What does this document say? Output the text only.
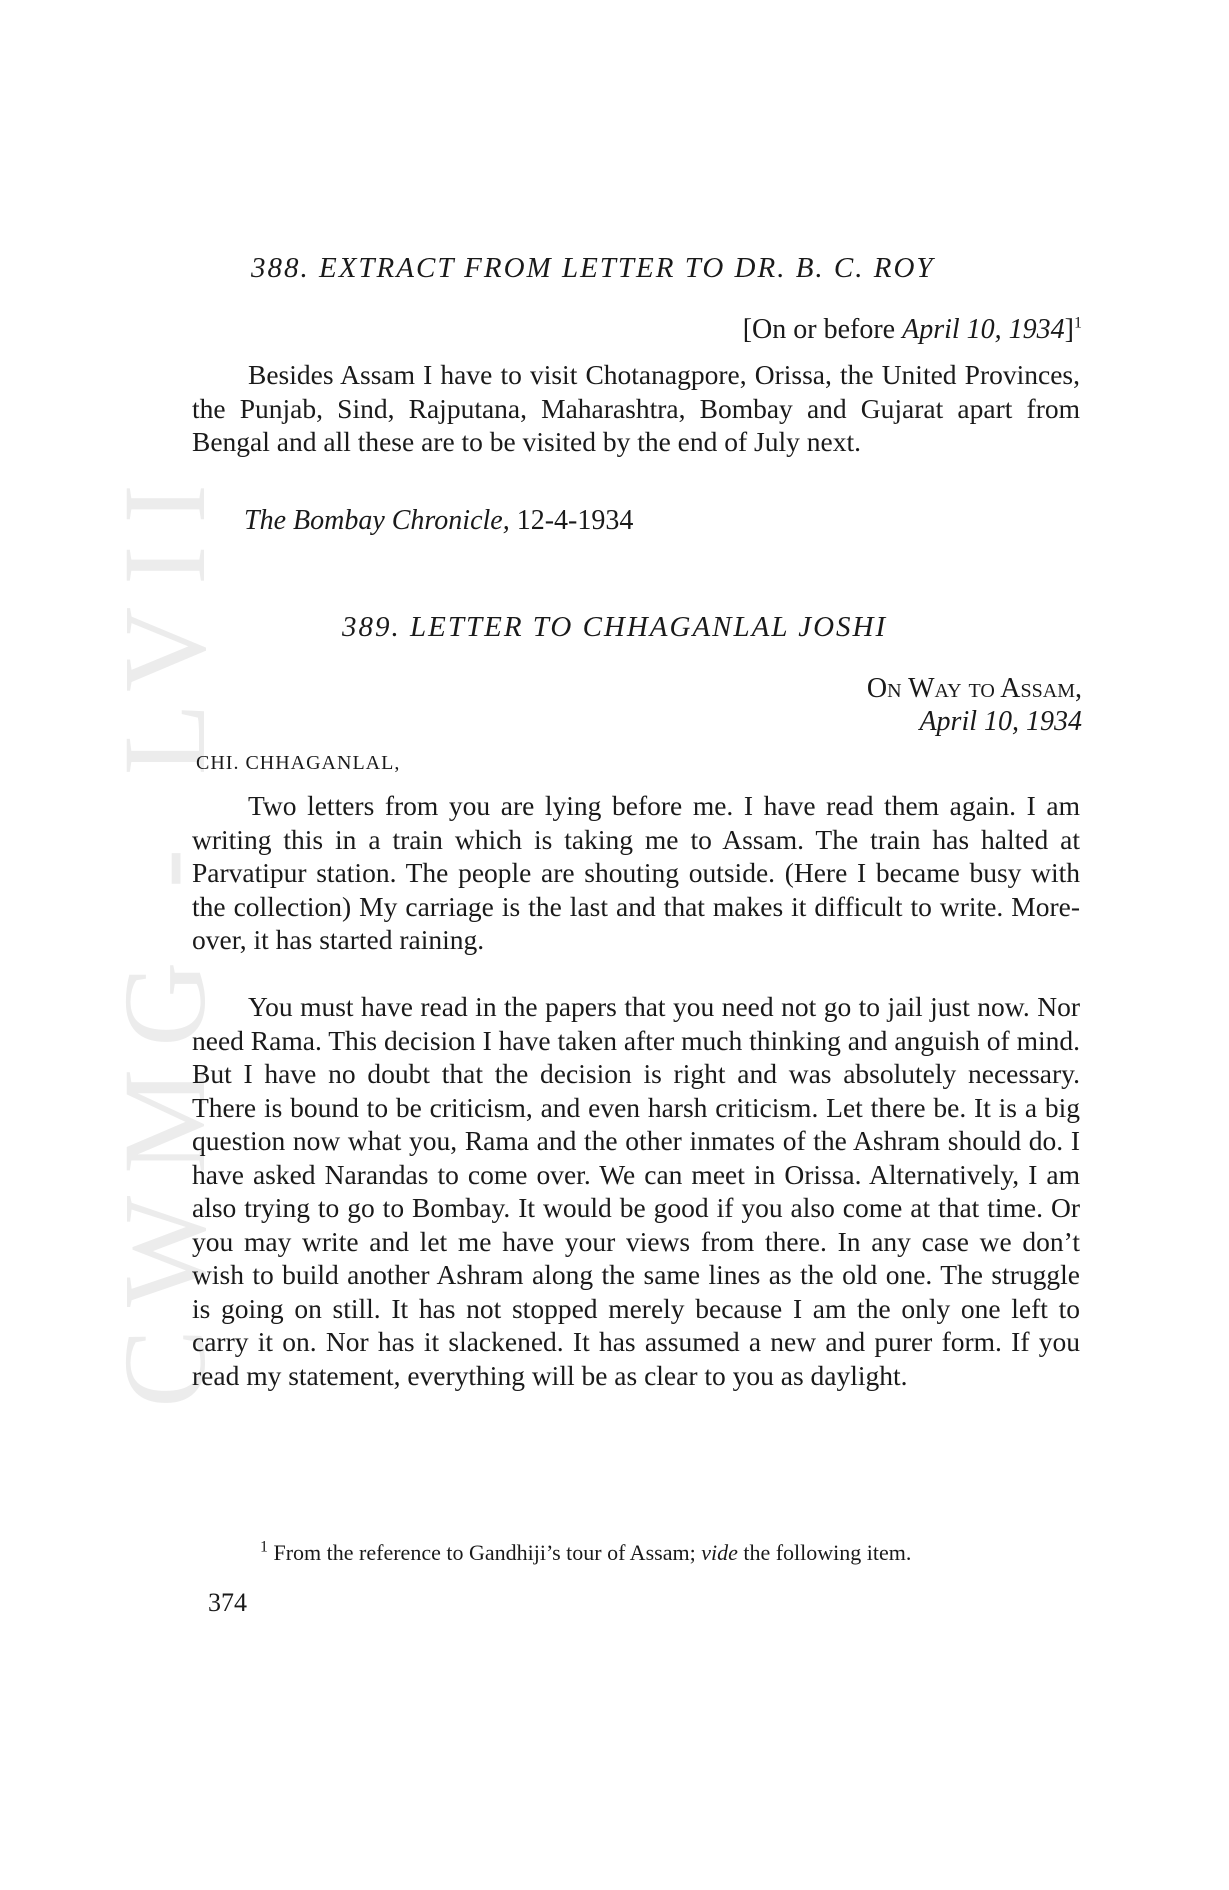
CWMG - LVII
388. EXTRACT FROM LETTER TO DR. B. C. ROY
[On or before April 10, 1934]$^1$

Besides Assam I have to visit Chotanagpore, Orissa, the United Provinces, the Punjab, Sind, Rajputana, Maharashtra, Bombay and Gujarat apart from Bengal and all these are to be visited by the end of July next.

The Bombay Chronicle, 12-4-1934
389. LETTER TO CHHAGANLAL JOSHI
On Way to Assam,
April 10, 1934
CHI. CHHAGANLAL,

Two letters from you are lying before me. I have read them again. I am writing this in a train which is taking me to Assam. The train has halted at Parvatipur station. The people are shouting outside. (Here I became busy with the collection) My carriage is the last and that makes it difficult to write. More-over, it has started raining.

You must have read in the papers that you need not go to jail just now. Nor need Rama. This decision I have taken after much thinking and anguish of mind. But I have no doubt that the decision is right and was absolutely necessary. There is bound to be criticism, and even harsh criticism. Let there be. It is a big question now what you, Rama and the other inmates of the Ashram should do. I have asked Narandas to come over. We can meet in Orissa. Alternatively, I am also trying to go to Bombay. It would be good if you also come at that time. Or you may write and let me have your views from there. In any case we don’t wish to build another Ashram along the same lines as the old one. The struggle is going on still. It has not stopped merely because I am the only one left to carry it on. Nor has it slackened. It has assumed a new and purer form. If you read my statement, everything will be as clear to you as daylight.

$^1$ From the reference to Gandhiji’s tour of Assam; vide the following item.
374
